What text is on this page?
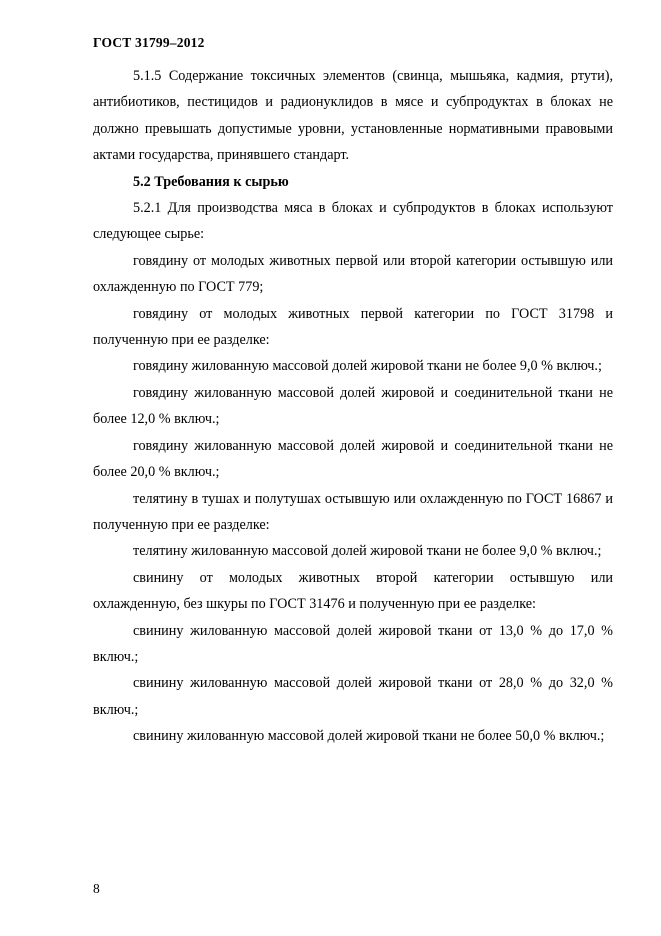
ГОСТ 31799–2012

5.1.5 Содержание токсичных элементов (свинца, мышьяка, кадмия, ртути), антибиотиков, пестицидов и радионуклидов в мясе и субпродуктах в блоках не должно превышать допустимые уровни, установленные нормативными правовыми актами государства, принявшего стандарт.

5.2 Требования к сырью

5.2.1 Для производства мяса в блоках и субпродуктов в блоках используют следующее сырье:

говядину от молодых животных первой или второй категории остывшую или охлажденную по ГОСТ 779;

говядину от молодых животных первой категории по ГОСТ 31798 и полученную при ее разделке:

говядину жилованную массовой долей жировой ткани не более 9,0 % включ.;

говядину жилованную массовой долей жировой и соединительной ткани не более 12,0 % включ.;

говядину жилованную массовой долей жировой и соединительной ткани не более 20,0 % включ.;

телятину в тушах и полутушах остывшую или охлажденную по ГОСТ 16867 и полученную при ее разделке:

телятину жилованную массовой долей жировой ткани не более 9,0 % включ.;

свинину от молодых животных второй категории остывшую или охлажденную, без шкуры по ГОСТ 31476 и полученную при ее разделке:

свинину жилованную массовой долей жировой ткани от 13,0 % до 17,0 % включ.;

свинину жилованную массовой долей жировой ткани от 28,0 % до 32,0 % включ.;

свинину жилованную массовой долей жировой ткани не более 50,0 % включ.;

8
